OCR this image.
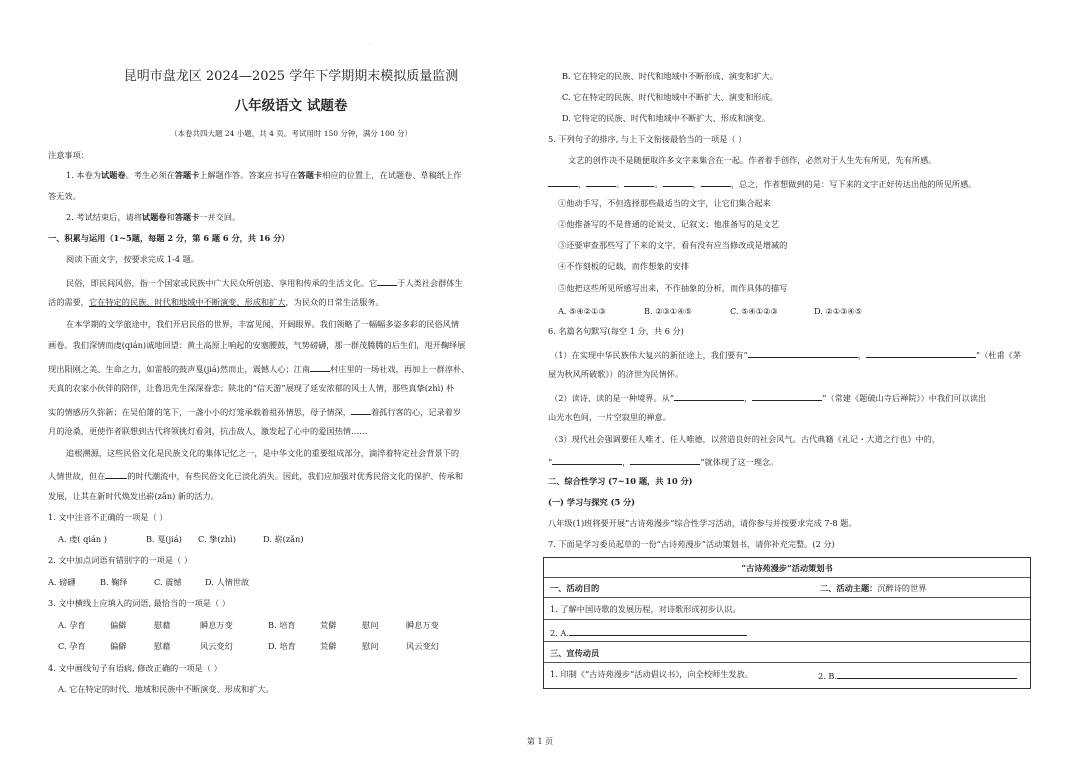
.
昆明市盘龙区 2024—2025 学年下学期期末模拟质量监测
八年级语文 试题卷
（本卷共四大题 24 小题，共 4 页。考试用时 150 分钟，满分 100 分）
注意事项：
1. 本卷为试题卷。考生必须在答题卡上解题作答。答案应书写在答题卡相应的位置上，在试题卷、草稿纸上作
答无效。
2. 考试结束后，请将试题卷和答题卡一并交回。
一、积累与运用（1~5题，每题 2 分，第 6 题 6 分，共 16 分）
阅读下面文字，按要求完成 1-4 题。
民俗，即民间风俗，指一个国家或民族中广大民众所创造、享用和传承的生活文化。它 于人类社会群体生
活的需要，它在特定的民族、时代和地域中不断演变、形成和扩大，为民众的日常生活服务。
在本学期的文学旅途中，我们开启民俗的世界，丰富见闻，开阔眼界。我们领略了一幅幅多姿多彩的民俗风情
画卷。我们深情而虔(qián)诚地回望：黄土高原上响起的安塞腰鼓，气势磅礴，那一群茂腾腾的后生们，甩开鞠绎展
现出阳刚之美、生命之力，如雷般的鼓声戛(jiá)然而止，震憾人心；江南 村庄里的一场社戏，再加上一群淳朴、
天真的农家小伙伴的陪伴，让鲁迅先生深深眷恋；陕北的“信天游”展现了延安浓郁的风土人情，那些真挚(zhì) 朴
实的情感历久弥新；在吴伯箫的笔下，一盏小小的灯笼承载着祖孙情思，母子情深， 着孤行客的心，记录着岁
月的沧桑，更使作者联想到古代将领挑灯看剑，抗击敌人，激发起了心中的爱国热情……
追根溯源，这些民俗文化是民族文化的集体记忆之一，是中华文化的重要组成部分，滴淬着特定社会背景下的
人情世故，但在	的时代潮流中，有些民俗文化已淡化消失。因此，我们应加强对优秀民俗文化的保护、传承和
发展，让其在新时代焕发出崭(zǎn) 新的活力。
1. 文中注音不正确的一项是（ ）
A. 虔( qián )	B. 戛(jiá) C. 挚(zhì)	D. 崭(zǎn)
2. 文中加点词语有错别字的一项是（ ）
A. 磅礴	B. 鞠绎	C. 震憾	D. 人情世故
3. 文中横线上应填入的词语, 最恰当的一项是（ ）
A. 孕育	偏僻	慰藉	瞬息万变	B. 培育	荒僻	慰问	瞬息万变
C. 孕育	偏僻	慰藉	风云变幻	D. 培育	荒僻	慰问	风云变幻
4. 文中画线句子有语病, 修改正确的一项是（ ）
A. 它在特定的时代、地域和民族中不断演变、形成和扩大。
B. 它在特定的民族、时代和地域中不断形成、演变和扩大。
C. 它在特定的民族、时代和地域中不断扩大、演变和形成。
D. 它特定的民族、时代和地域中不断扩大、形成和演变。
5. 下列句子的排序, 与上下文衔接最恰当的一项是（ ）
文艺的创作决不是随便取许多文字来集合在一起。作者着手创作，必然对于人生先有所见，先有所感。
，	。	。	，	，总之，作者想做到的是：写下来的文字正好传达出他的所见所感。
①他动手写，不但选择那些最适当的文字，让它们集合起来
②他推备写的不是普通的论说文、记叙文；他准备写的是文艺
③还要审查那些写了下来的文字，看有没有应当修改或是增减的
④不作刻板的记载，而作想象的安排
⑤他把这些所见所感写出来，不作抽象的分析，而作具体的描写
A. ⑤④②①③	B. ②③①④⑤	C. ⑤④①②③	D. ②①③④⑤
6. 名篇名句默写(每空 1 分，共 6 分)
（1）在实现中华民族伟大复兴的新征途上，我们要有“	，	”（杜甫《茅
屋为秋风所破歌》）的济世为民情怀。
（2）读诗，读的是一种境界。从“	，	”（常建《题破山寺后禅院》）中我们可以读出
山光水色间，一片空寂里的禅意。
（3）现代社会强调要任人唯才、任人唯德，以营造良好的社会风气。古代典籍《礼记・大道之行也》中的，
“	，	”就体现了这一理念。
二、综合性学习 (7~10 题，共 10 分)
(一) 学习与探究 (5 分)
八年级(1)班将要开展“古诗苑漫步”综合性学习活动，请你参与并按要求完成 7-8 题。
7. 下面是学习委员起草的一份“古诗苑漫步”活动策划书，请你补充完整。(2 分)
“古诗苑漫步”活动策划书
一、活动目的	二、活动主题：沉醉诗的世界
1. 了解中国诗歌的发展历程，对诗歌形成初步认识。
2. A.
三、宣传动员
1. 印制《“古诗苑漫步”活动倡议书》，向全校师生发放。	2. B.
第 1 页
